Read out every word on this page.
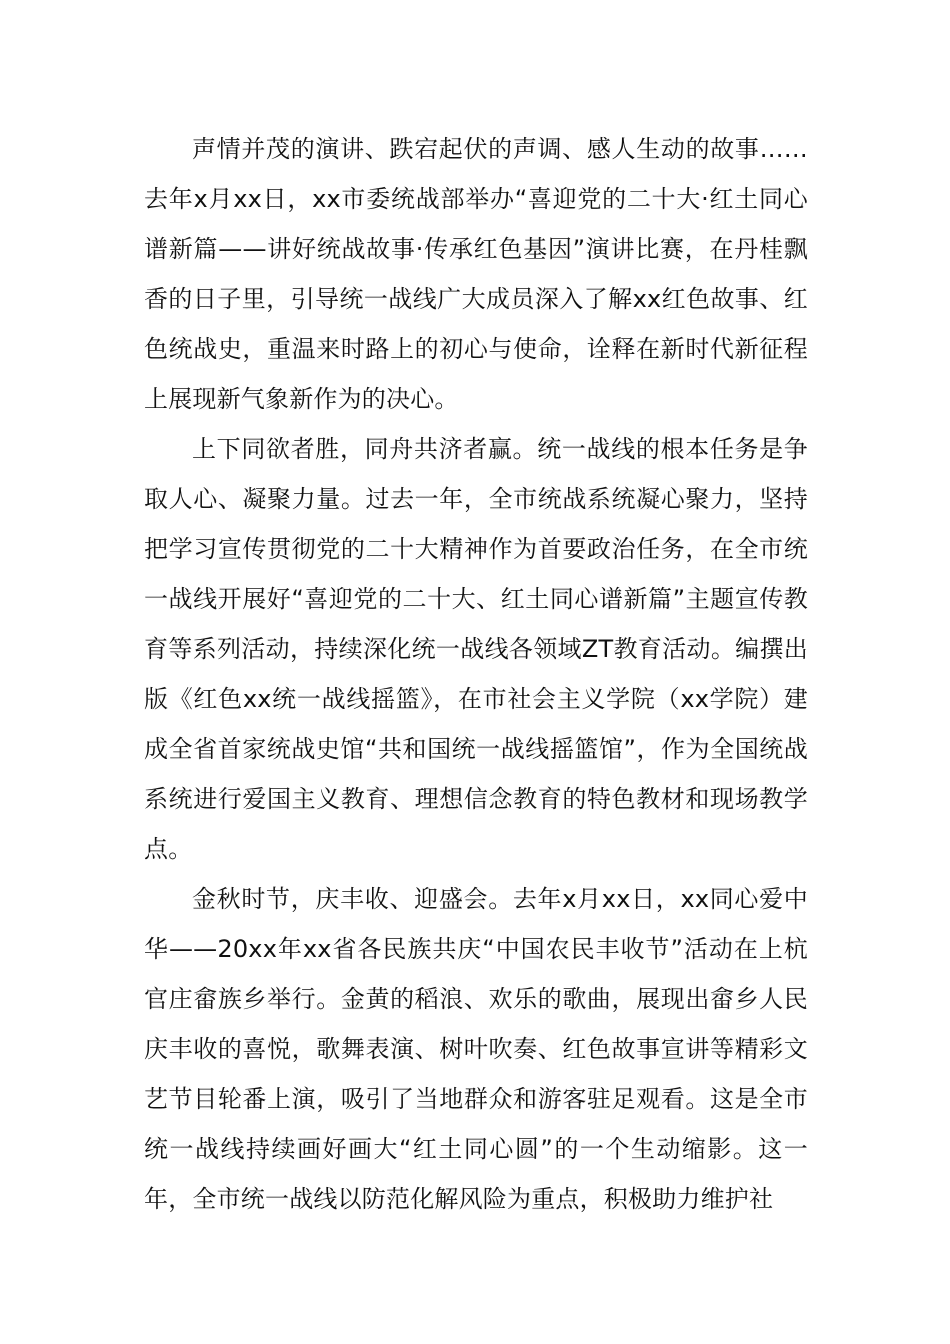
声情并茂的演讲、跌宕起伏的声调、感人生动的故事……去年x月xx日，xx市委统战部举办“喜迎党的二十大·红土同心谱新篇——讲好统战故事·传承红色基因”演讲比赛，在丹桂飘香的日子里，引导统一战线广大成员深入了解xx红色故事、红色统战史，重温来时路上的初心与使命，诠释在新时代新征程上展现新气象新作为的决心。

上下同欲者胜，同舟共济者赢。统一战线的根本任务是争取人心、凝聚力量。过去一年，全市统战系统凝心聚力，坚持把学习宣传贯彻党的二十大精神作为首要政治任务，在全市统一战线开展好“喜迎党的二十大、红土同心谱新篇”主题宣传教育等系列活动，持续深化统一战线各领域ZT教育活动。编撰出版《红色xx统一战线摇篮》，在市社会主义学院（xx学院）建成全省首家统战史馆“共和国统一战线摇篮馆”，作为全国统战系统进行爱国主义教育、理想信念教育的特色教材和现场教学点。

金秋时节，庆丰收、迎盛会。去年x月xx日，xx同心爱中华——20xx年xx省各民族共庆“中国农民丰收节”活动在上杭官庄畲族乡举行。金黄的稻浪、欢乐的歌曲，展现出畲乡人民庆丰收的喜悦，歌舞表演、树叶吹奏、红色故事宣讲等精彩文艺节目轮番上演，吸引了当地群众和游客驻足观看。这是全市统一战线持续画好画大“红土同心圆”的一个生动缩影。这一年，全市统一战线以防范化解风险为重点，积极助力维护社
